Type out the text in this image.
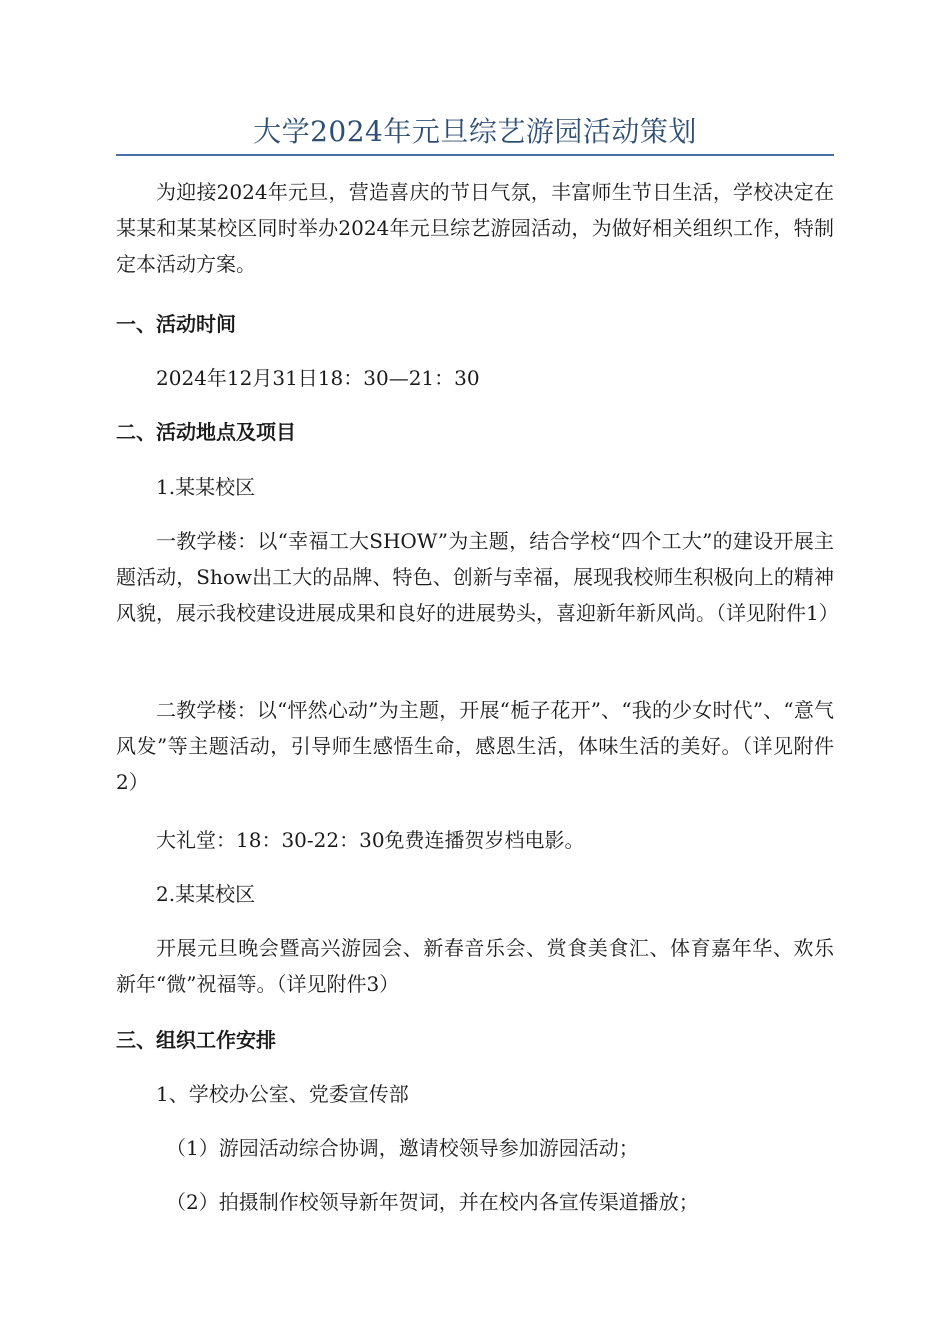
大学2024年元旦综艺游园活动策划

为迎接2024年元旦，营造喜庆的节日气氛，丰富师生节日生活，学校决定在某某和某某校区同时举办2024年元旦综艺游园活动，为做好相关组织工作，特制定本活动方案。

一、活动时间

2024年12月31日18：30—21：30

二、活动地点及项目

1.某某校区

一教学楼：以“幸福工大SHOW”为主题，结合学校“四个工大”的建设开展主题活动，Show出工大的品牌、特色、创新与幸福，展现我校师生积极向上的精神风貌，展示我校建设进展成果和良好的进展势头，喜迎新年新风尚。（详见附件1）

二教学楼：以“怦然心动”为主题，开展“栀子花开”、“我的少女时代”、“意气风发”等主题活动，引导师生感悟生命，感恩生活，体味生活的美好。（详见附件2）

大礼堂：18：30-22：30免费连播贺岁档电影。

2.某某校区

开展元旦晚会暨高兴游园会、新春音乐会、赏食美食汇、体育嘉年华、欢乐新年“微”祝福等。（详见附件3）

三、组织工作安排

1、学校办公室、党委宣传部

（1）游园活动综合协调，邀请校领导参加游园活动；

（2）拍摄制作校领导新年贺词，并在校内各宣传渠道播放；
